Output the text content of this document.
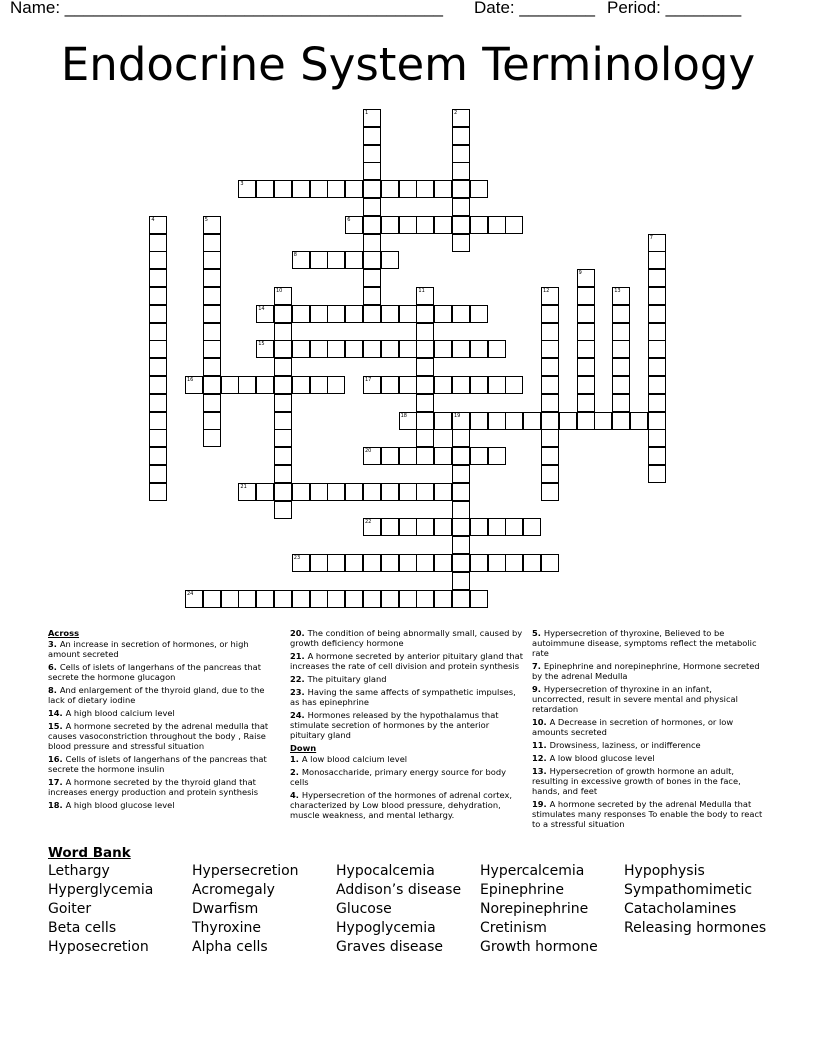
Name: ________________________________________ Date: ________ Period: ________
Endocrine System Terminology
1	2
3
4	5	6
7
8
9
10	11	12	13
14
15
16	17
18	19
20
21
22
23
24

Across

3. An increase in secretion of hormones, or high amount secreted

6. Cells of islets of langerhans of the pancreas that secrete the hormone glucagon

8. And enlargement of the thyroid gland, due to the lack of dietary iodine

14. A high blood calcium level

15. A hormone secreted by the adrenal medulla that causes vasoconstriction throughout the body , Raise blood pressure and stressful situation

16. Cells of islets of langerhans of the pancreas that secrete the hormone insulin

17. A hormone secreted by the thyroid gland that increases energy production and protein synthesis

18. A high blood glucose level

20. The condition of being abnormally small, caused by growth deficiency hormone

21. A hormone secreted by anterior pituitary gland that increases the rate of cell division and protein synthesis

22. The pituitary gland

23. Having the same affects of sympathetic impulses, as has epinephrine

24. Hormones released by the hypothalamus that stimulate secretion of hormones by the anterior pituitary gland

Down

1. A low blood calcium level

2. Monosaccharide, primary energy source for body cells

4. Hypersecretion of the hormones of adrenal cortex, characterized by Low blood pressure, dehydration, muscle weakness, and mental lethargy.

5. Hypersecretion of thyroxine, Believed to be autoimmune disease, symptoms reflect the metabolic rate

7. Epinephrine and norepinephrine, Hormone secreted by the adrenal Medulla

9. Hypersecretion of thyroxine in an infant, uncorrected, result in severe mental and physical retardation

10. A Decrease in secretion of hormones, or low amounts secreted

11. Drowsiness, laziness, or indifference

12. A low blood glucose level

13. Hypersecretion of growth hormone an adult, resulting in excessive growth of bones in the face, hands, and feet

19. A hormone secreted by the adrenal Medulla that stimulates many responses To enable the body to react to a stressful situation

Word Bank
Lethargy
Hyperglycemia
Goiter
Beta cells
Hyposecretion
Hypersecretion
Acromegaly
Dwarfism
Thyroxine
Alpha cells
Hypocalcemia
Addison’s disease
Glucose
Hypoglycemia
Graves disease
Hypercalcemia
Epinephrine
Norepinephrine
Cretinism
Growth hormone
Hypophysis
Sympathomimetic
Catacholamines
Releasing hormones
